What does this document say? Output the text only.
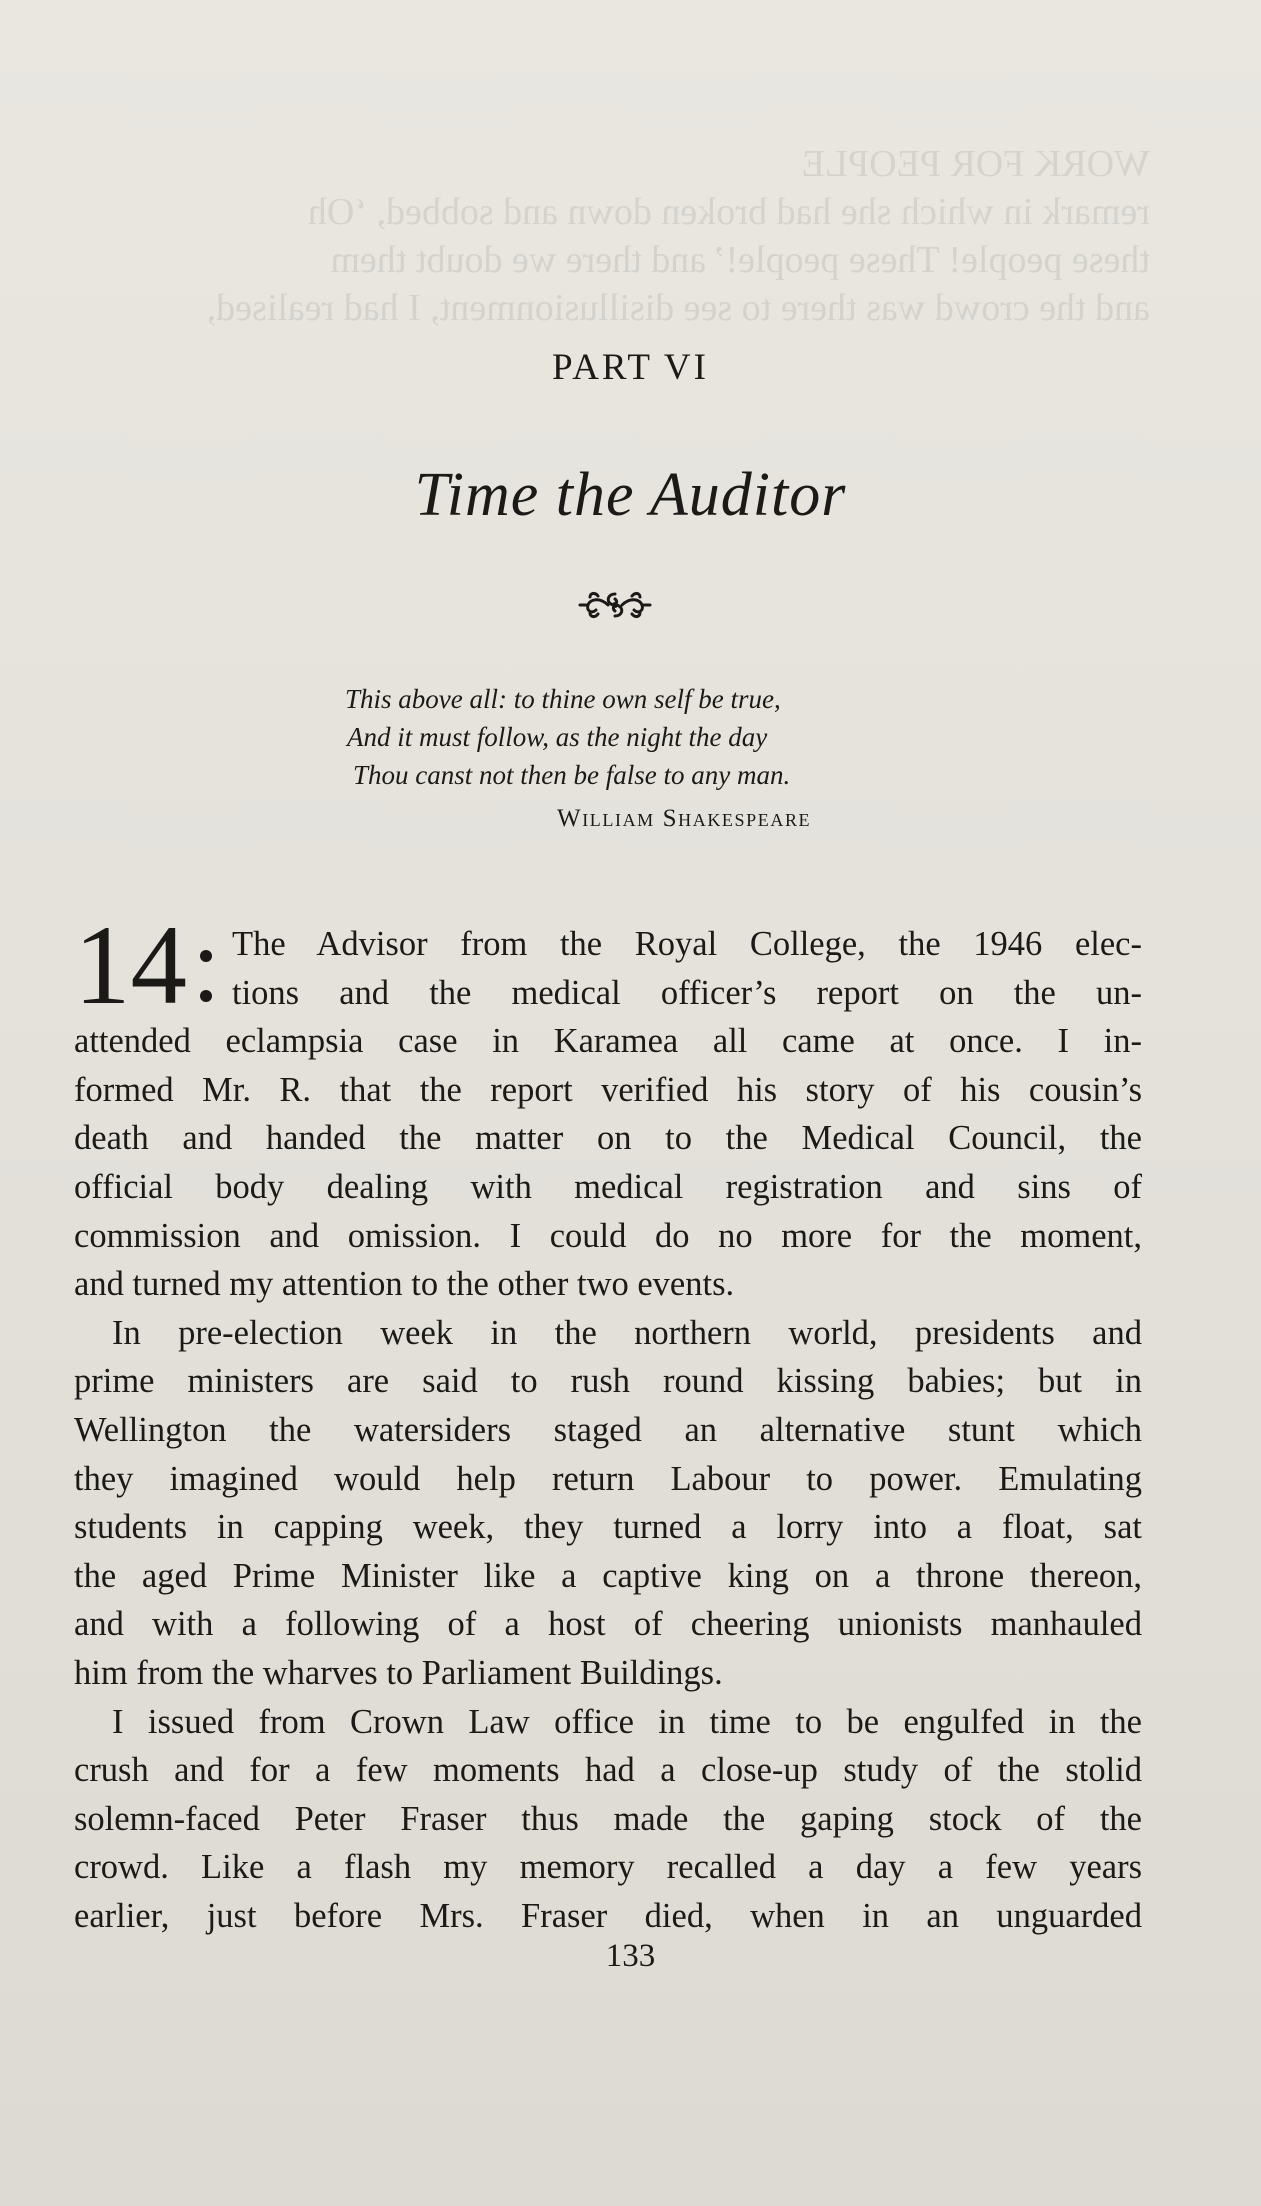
WORK FOR PEOPLE
remark in which she had broken down and sobbed, ‘Oh
these people! These people!’ and there we doubt them
and the crowd was there to see disillusionment, I had realised,
PART VI
Time the Auditor
This above all: to thine own self be true,
And it must follow, as the night the day
Thou canst not then be false to any man.
William Shakespeare
14	The Advisor from the Royal College, the 1946 elec-
tions and the medical officer’s report on the un-
attended eclampsia case in Karamea all came at once. I in-
formed Mr. R. that the report verified his story of his cousin’s
death and handed the matter on to the Medical Council, the
official body dealing with medical registration and sins of
commission and omission. I could do no more for the moment,
and turned my attention to the other two events.
In pre-election week in the northern world, presidents and
prime ministers are said to rush round kissing babies; but in
Wellington the watersiders staged an alternative stunt which
they imagined would help return Labour to power. Emulating
students in capping week, they turned a lorry into a float, sat
the aged Prime Minister like a captive king on a throne thereon,
and with a following of a host of cheering unionists manhauled
him from the wharves to Parliament Buildings.
I issued from Crown Law office in time to be engulfed in the
crush and for a few moments had a close-up study of the stolid
solemn-faced Peter Fraser thus made the gaping stock of the
crowd. Like a flash my memory recalled a day a few years
earlier, just before Mrs. Fraser died, when in an unguarded
133
